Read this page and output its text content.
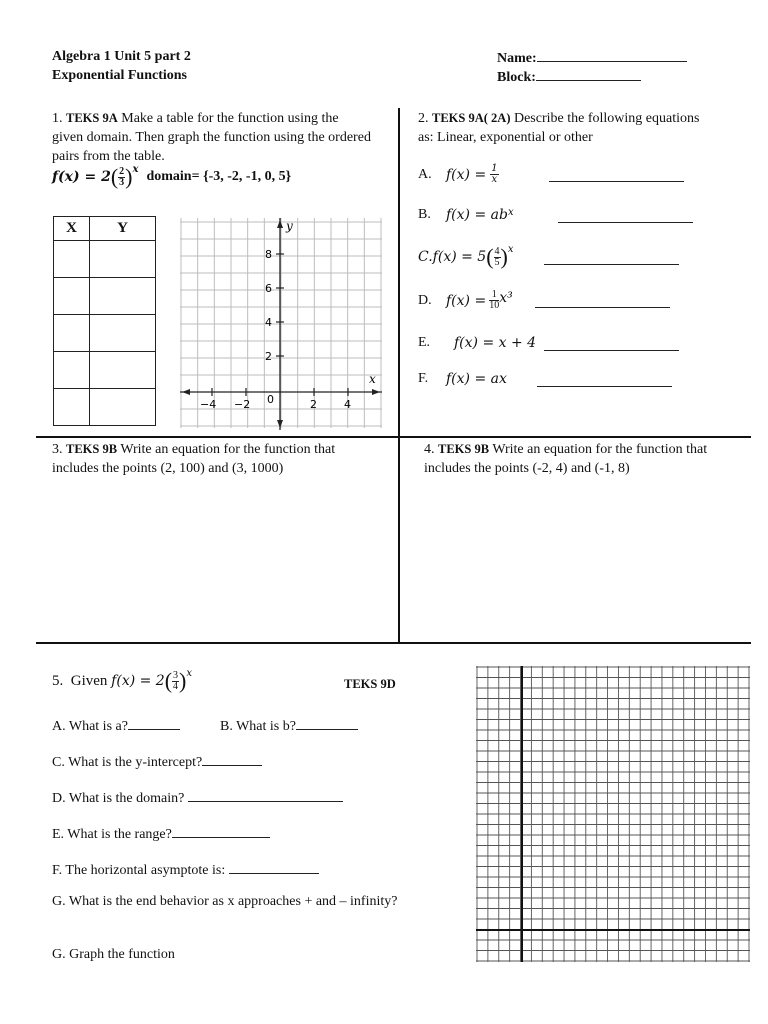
Algebra 1 Unit 5 part 2
Exponential Functions
Name:
Block:
1. TEKS 9A Make a table for the function using the given domain. Then graph the function using the ordered pairs from the table.
f(x) = 2 ( $\frac{2}{3}$ ) x domain= {-3, -2, -1, 0, 5}
X	Y

		y
x
8
6
4
2
−4 −2 0	2 4
2. TEKS 9A( 2A) Describe the following equations as: Linear, exponential or other
A.	$f(x) = \frac{1}{x}$
B.	f(x) = ab x
C. f(x) = 5 ( $\frac{4}{5}$ ) x
D.	$f(x) = \frac{1}{10} x^3$
E.	f(x) = x + 4
F.	f(x) = ax
3. TEKS 9B Write an equation for the function that
includes the points (2, 100) and (3, 1000)
4. TEKS 9B Write an equation for the function that
includes the points (-2, 4) and (-1, 8)
5.
Given
f(x) = 2 ( $\frac{3}{4}$ ) x
TEKS 9D
A. What is a?	B. What is b?
C. What is the y-intercept?
D. What is the domain?
E. What is the range?
F. The horizontal asymptote is:
G. What is the end behavior as x approaches + and – infinity?
G. Graph the function
